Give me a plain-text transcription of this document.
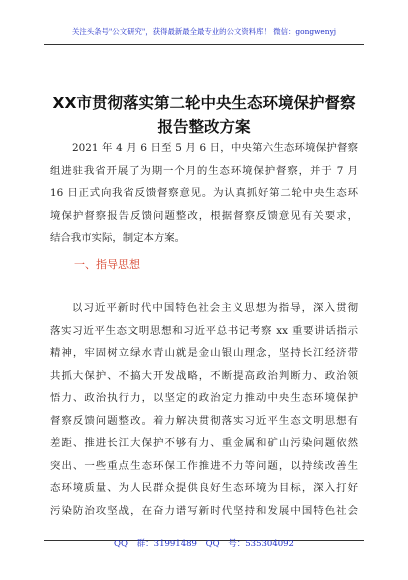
关注头条号"公文研究"，获得最新最全最专业的公文资料库！ 微信：gongwenyj
XX市贯彻落实第二轮中央生态环境保护督察
报告整改方案
2021 年 4 月 6 日至 5 月 6 日，中央第六生态环境保护督察
组进驻我省开展了为期一个月的生态环境保护督察，并于 7 月
16 日正式向我省反馈督察意见。为认真抓好第二轮中央生态环
境保护督察报告反馈问题整改，根据督察反馈意见有关要求，
结合我市实际，制定本方案。
一、指导思想
以习近平新时代中国特色社会主义思想为指导，深入贯彻
落实习近平生态文明思想和习近平总书记考察 xx 重要讲话指示
精神，牢固树立绿水青山就是金山银山理念，坚持长江经济带
共抓大保护、不搞大开发战略，不断提高政治判断力、政治领
悟力、政治执行力，以坚定的政治定力推动中央生态环境保护
督察反馈问题整改。着力解决贯彻落实习近平生态文明思想有
差距、推进长江大保护不够有力、重金属和矿山污染问题依然
突出、一些重点生态环保工作推进不力等问题，以持续改善生
态环境质量、为人民群众提供良好生态环境为目标，深入打好
污染防治攻坚战，在奋力谱写新时代坚持和发展中国特色社会
QQ 群：31991489 QQ 号：535304092
